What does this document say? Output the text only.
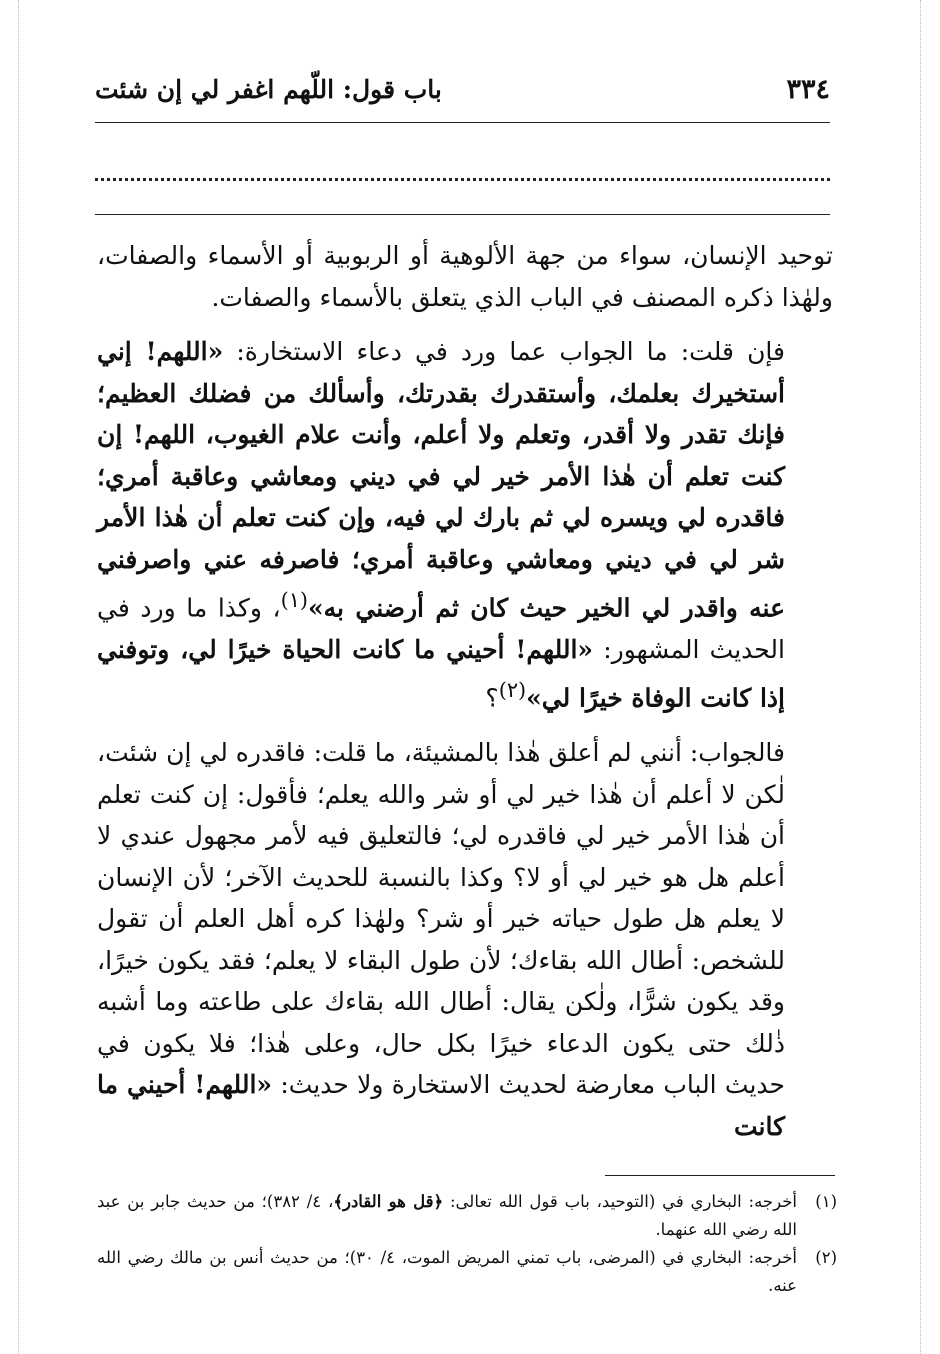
٣٣٤
باب قول: اللّهم اغفر لي إن شئت

توحيد الإنسان، سواء من جهة الألوهية أو الربوبية أو الأسماء والصفات، ولهٰذا ذكره المصنف في الباب الذي يتعلق بالأسماء والصفات.

فإن قلت: ما الجواب عما ورد في دعاء الاستخارة: «اللهم! إني أستخيرك بعلمك، وأستقدرك بقدرتك، وأسألك من فضلك العظيم؛ فإنك تقدر ولا أقدر، وتعلم ولا أعلم، وأنت علام الغيوب، اللهم! إن كنت تعلم أن هٰذا الأمر خير لي في ديني ومعاشي وعاقبة أمري؛ فاقدره لي ويسره لي ثم بارك لي فيه، وإن كنت تعلم أن هٰذا الأمر شر لي في ديني ومعاشي وعاقبة أمري؛ فاصرفه عني واصرفني عنه واقدر لي الخير حيث كان ثم أرضني به»$^{(١)}$، وكذا ما ورد في الحديث المشهور: «اللهم! أحيني ما كانت الحياة خيرًا لي، وتوفني إذا كانت الوفاة خيرًا لي»$^{(٢)}$؟

فالجواب: أنني لم أعلق هٰذا بالمشيئة، ما قلت: فاقدره لي إن شئت، لٰكن لا أعلم أن هٰذا خير لي أو شر والله يعلم؛ فأقول: إن كنت تعلم أن هٰذا الأمر خير لي فاقدره لي؛ فالتعليق فيه لأمر مجهول عندي لا أعلم هل هو خير لي أو لا؟ وكذا بالنسبة للحديث الآخر؛ لأن الإنسان لا يعلم هل طول حياته خير أو شر؟ ولهٰذا كره أهل العلم أن تقول للشخص: أطال الله بقاءك؛ لأن طول البقاء لا يعلم؛ فقد يكون خيرًا، وقد يكون شرًّا، ولٰكن يقال: أطال الله بقاءك على طاعته وما أشبه ذٰلك حتى يكون الدعاء خيرًا بكل حال، وعلى هٰذا؛ فلا يكون في حديث الباب معارضة لحديث الاستخارة ولا حديث: «اللهم! أحيني ما كانت

(١)
أخرجه: البخاري في (التوحيد، باب قول الله تعالى: ﴿قل هو القادر﴾، ٤/ ٣٨٢)؛ من حديث جابر بن عبد الله رضي الله عنهما.
(٢)
أخرجه: البخاري في (المرضى، باب تمني المريض الموت، ٤/ ٣٠)؛ من حديث أنس بن مالك رضي الله عنه.
